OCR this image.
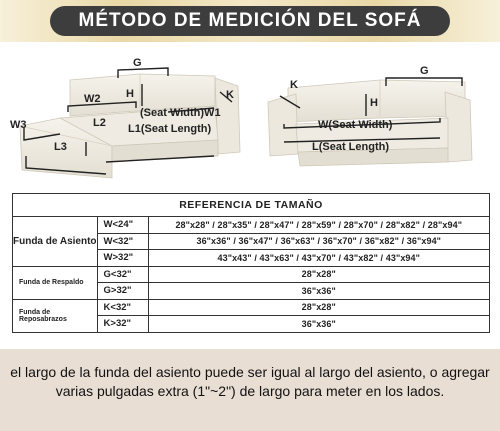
MÉTODO DE MEDICIÓN DEL SOFÁ
G
H
W2	K
(Seat Width)W1
W3	L2 L1(Seat Length)
L3
K
G
H
W(Seat Width)
L(Seat Length)
REFERENCIA DE TAMAÑO		
Funda de Asiento	W<24"	28"x28" / 28"x35" / 28"x47" / 28"x59" / 28"x70" / 28"x82" / 28"x94"
	W<32"	36"x36" / 36"x47" / 36"x63" / 36"x70" / 36"x82" / 36"x94"
	W>32"	43"x43" / 43"x63" / 43"x70" / 43"x82" / 43"x94"
Funda de Respaldo	G<32"	28"x28"
	G>32"	36"x36"
Funda de Reposabrazos	K<32"	28"x28"
	K>32"	36"x36"

el largo de la funda del asiento puede ser igual al largo del asiento, o agregar varias pulgadas extra (1"~2") de largo para meter en los lados.
